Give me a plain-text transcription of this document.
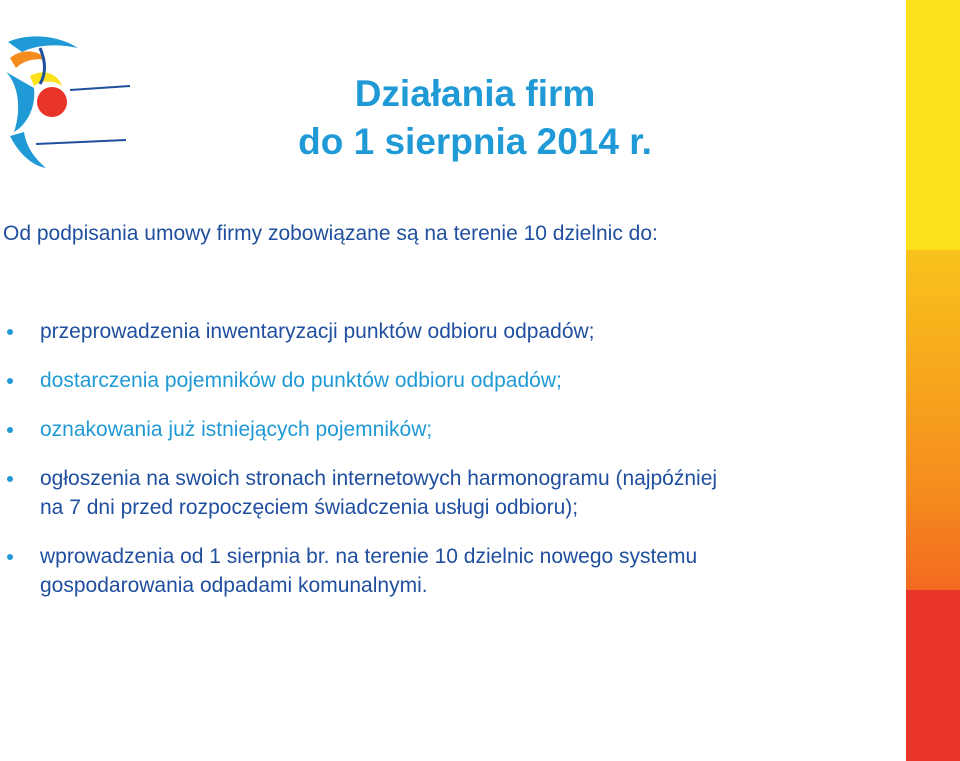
Działania firm
do 1 sierpnia 2014 r.
Od podpisania umowy firmy zobowiązane są na terenie 10 dzielnic do:
przeprowadzenia inwentaryzacji punktów odbioru odpadów;
dostarczenia pojemników do punktów odbioru odpadów;
oznakowania już istniejących pojemników;
ogłoszenia na swoich stronach internetowych harmonogramu (najpóźniej
na 7 dni przed rozpoczęciem świadczenia usługi odbioru);
wprowadzenia od 1 sierpnia br. na terenie 10 dzielnic nowego systemu
gospodarowania odpadami komunalnymi.
